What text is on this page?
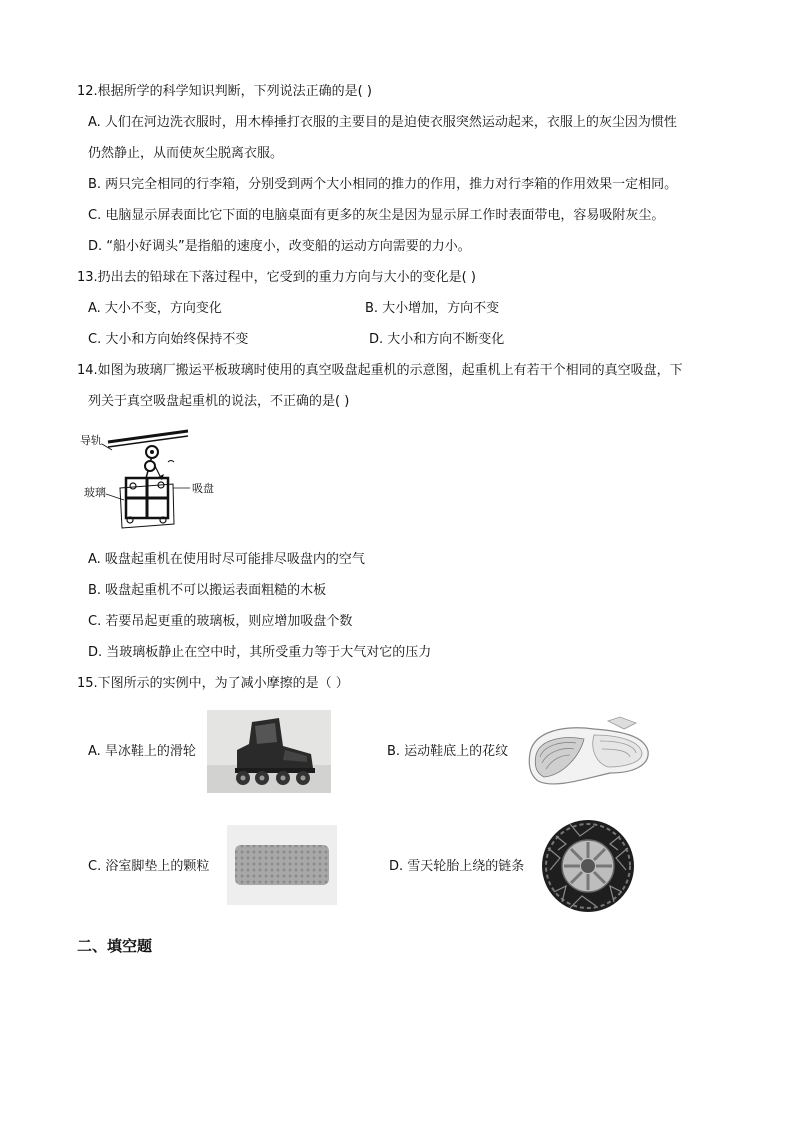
12.根据所学的科学知识判断，下列说法正确的是( )
A. 人们在河边洗衣服时，用木棒捶打衣服的主要目的是迫使衣服突然运动起来，衣服上的灰尘因为惯性
仍然静止，从而使灰尘脱离衣服。
B. 两只完全相同的行李箱，分别受到两个大小相同的推力的作用，推力对行李箱的作用效果一定相同。
C. 电脑显示屏表面比它下面的电脑桌面有更多的灰尘是因为显示屏工作时表面带电，容易吸附灰尘。
D. “船小好调头”是指船的速度小，改变船的运动方向需要的力小。
13.扔出去的铅球在下落过程中，它受到的重力方向与大小的变化是( )
A. 大小不变，方向变化	B. 大小增加，方向不变
C. 大小和方向始终保持不变	D. 大小和方向不断变化
14.如图为玻璃厂搬运平板玻璃时使用的真空吸盘起重机的示意图，起重机上有若干个相同的真空吸盘，下
列关于真空吸盘起重机的说法，不正确的是( )
导轨
玻璃	吸盘
A. 吸盘起重机在使用时尽可能排尽吸盘内的空气
B. 吸盘起重机不可以搬运表面粗糙的木板
C. 若要吊起更重的玻璃板，则应增加吸盘个数
D. 当玻璃板静止在空中时，其所受重力等于大气对它的压力
15.下图所示的实例中，为了减小摩擦的是（ ）
A. 旱冰鞋上的滑轮	B. 运动鞋底上的花纹
C. 浴室脚垫上的颗粒	D. 雪天轮胎上绕的链条
二、填空题
